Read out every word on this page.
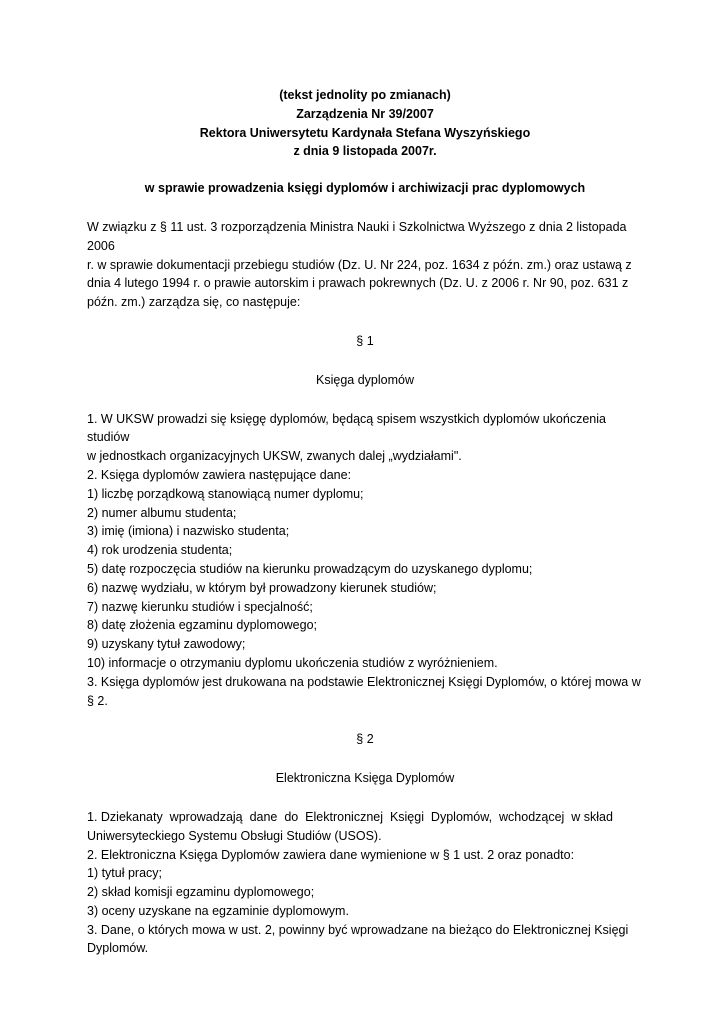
(tekst jednolity po zmianach)

Zarządzenia Nr 39/2007

Rektora Uniwersytetu Kardynała Stefana Wyszyńskiego

z dnia 9 listopada 2007r.

w sprawie prowadzenia księgi dyplomów i archiwizacji prac dyplomowych

W związku z § 11 ust. 3 rozporządzenia Ministra Nauki i Szkolnictwa Wyższego z dnia 2 listopada 2006

r. w sprawie dokumentacji przebiegu studiów (Dz. U. Nr 224, poz. 1634 z późn. zm.) oraz ustawą z

dnia 4 lutego 1994 r. o prawie autorskim i prawach pokrewnych (Dz. U. z 2006 r. Nr 90, poz. 631 z

późn. zm.) zarządza się, co następuje:

§ 1

Księga dyplomów

1. W UKSW prowadzi się księgę dyplomów, będącą spisem wszystkich dyplomów ukończenia studiów

w jednostkach organizacyjnych UKSW, zwanych dalej „wydziałami".

2. Księga dyplomów zawiera następujące dane:

1) liczbę porządkową stanowiącą numer dyplomu;

2) numer albumu studenta;

3) imię (imiona) i nazwisko studenta;

4) rok urodzenia studenta;

5) datę rozpoczęcia studiów na kierunku prowadzącym do uzyskanego dyplomu;

6) nazwę wydziału, w którym był prowadzony kierunek studiów;

7) nazwę kierunku studiów i specjalność;

8) datę złożenia egzaminu dyplomowego;

9) uzyskany tytuł zawodowy;

10) informacje o otrzymaniu dyplomu ukończenia studiów z wyróżnieniem.

3. Księga dyplomów jest drukowana na podstawie Elektronicznej Księgi Dyplomów, o której mowa w

§ 2.

§ 2

Elektroniczna Księga Dyplomów

1. Dziekanaty  wprowadzają  dane  do  Elektronicznej  Księgi  Dyplomów,  wchodzącej  w skład

Uniwersyteckiego Systemu Obsługi Studiów (USOS).

2. Elektroniczna Księga Dyplomów zawiera dane wymienione w § 1 ust. 2 oraz ponadto:

1) tytuł pracy;

2) skład komisji egzaminu dyplomowego;

3) oceny uzyskane na egzaminie dyplomowym.

3. Dane, o których mowa w ust. 2, powinny być wprowadzane na bieżąco do Elektronicznej Księgi

Dyplomów.
